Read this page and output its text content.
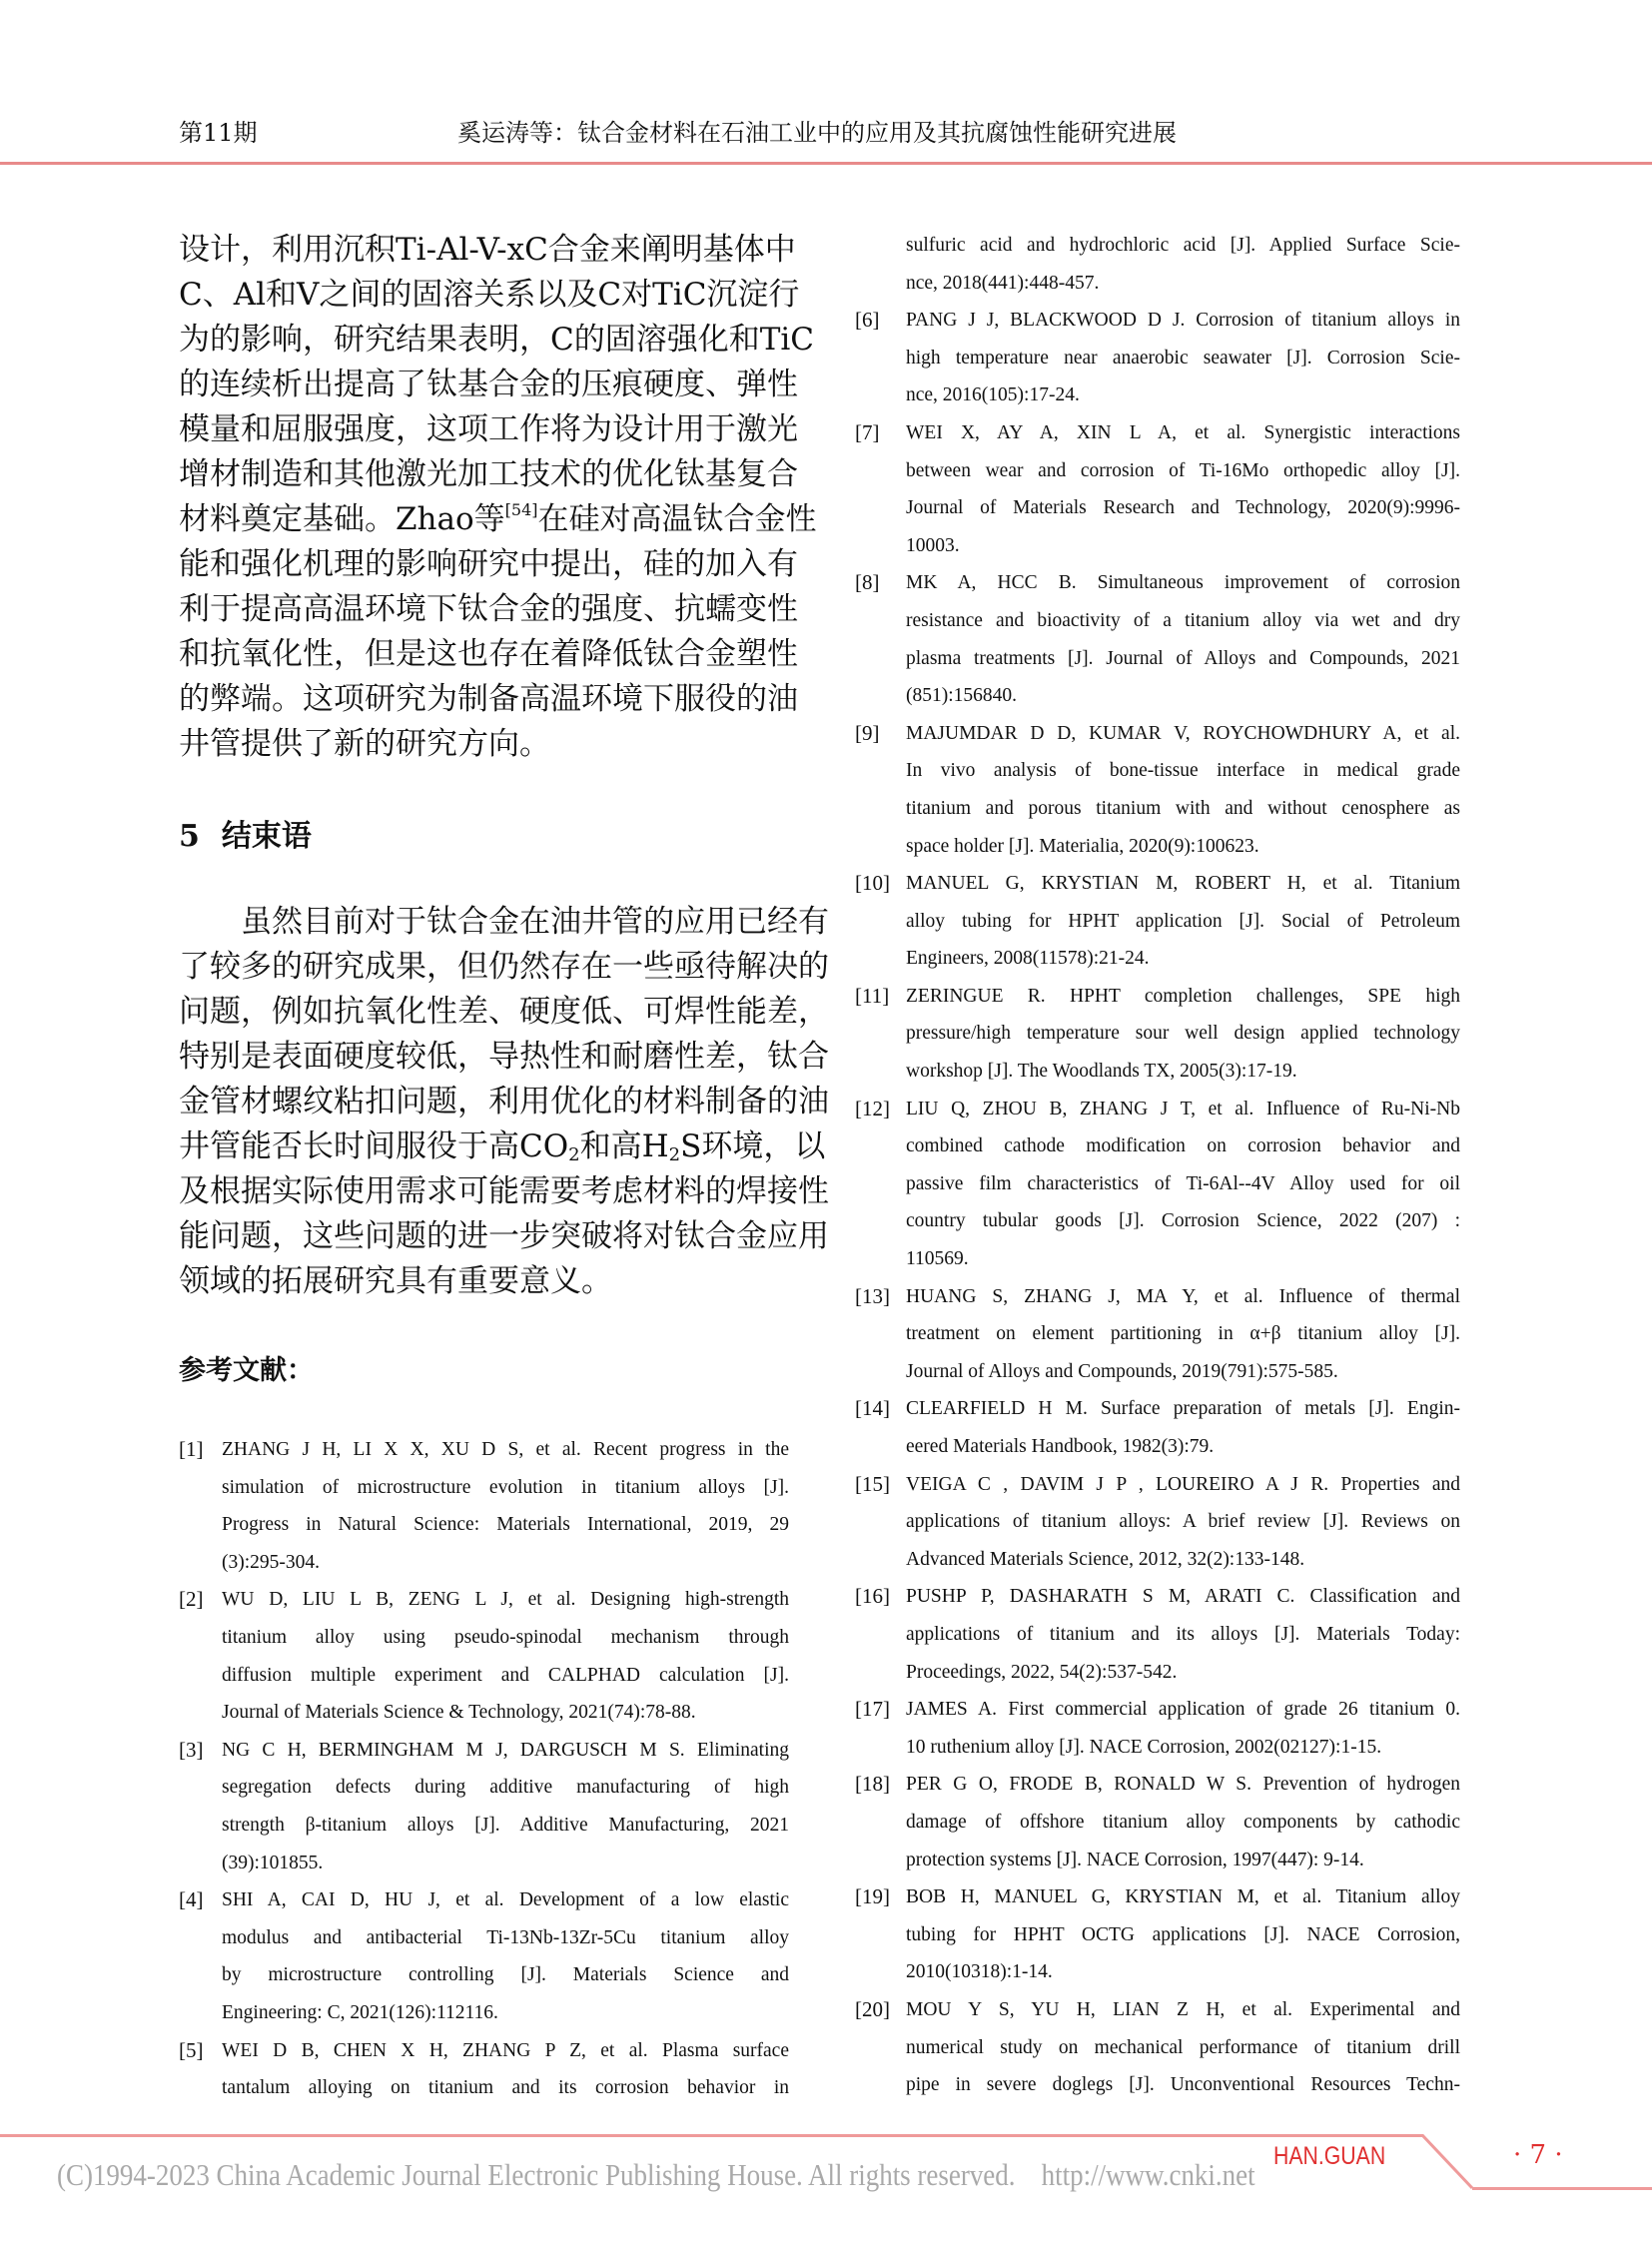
第11期	奚运涛等：钛合金材料在石油工业中的应用及其抗腐蚀性能研究进展
设计，利用沉积Ti-Al-V-xC合金来阐明基体中
C、Al和V之间的固溶关系以及C对TiC沉淀行
为的影响，研究结果表明，C的固溶强化和TiC
的连续析出提高了钛基合金的压痕硬度、弹性
模量和屈服强度，这项工作将为设计用于激光
增材制造和其他激光加工技术的优化钛基复合
材料奠定基础。Zhao等[54]在硅对高温钛合金性
能和强化机理的影响研究中提出，硅的加入有
利于提高高温环境下钛合金的强度、抗蠕变性
和抗氧化性，但是这也存在着降低钛合金塑性
的弊端。这项研究为制备高温环境下服役的油
井管提供了新的研究方向。
5 结束语
　　虽然目前对于钛合金在油井管的应用已经有
了较多的研究成果，但仍然存在一些亟待解决的
问题，例如抗氧化性差、硬度低、可焊性能差，
特别是表面硬度较低，导热性和耐磨性差，钛合
金管材螺纹粘扣问题，利用优化的材料制备的油
井管能否长时间服役于高$CO_2$和高$H_2S$环境，以
及根据实际使用需求可能需要考虑材料的焊接性
能问题，这些问题的进一步突破将对钛合金应用
领域的拓展研究具有重要意义。
参考文献：
[1] ZHANG J H, LI X X, XU D S, et al. Recent progress in the
simulation of microstructure evolution in titanium alloys [J].
Progress in Natural Science: Materials International, 2019, 29
(3):295-304.
[2] WU D, LIU L B, ZENG L J, et al. Designing high-strength
titanium alloy using pseudo-spinodal mechanism through
diffusion multiple experiment and CALPHAD calculation [J].
Journal of Materials Science & Technology, 2021(74):78-88.
[3] NG C H, BERMINGHAM M J, DARGUSCH M S. Eliminating
segregation defects during additive manufacturing of high
strength β-titanium alloys [J]. Additive Manufacturing, 2021
(39):101855.
[4] SHI A, CAI D, HU J, et al. Development of a low elastic
modulus and antibacterial Ti-13Nb-13Zr-5Cu titanium alloy
by microstructure controlling [J]. Materials Science and
Engineering: C, 2021(126):112116.
[5] WEI D B, CHEN X H, ZHANG P Z, et al. Plasma surface
tantalum alloying on titanium and its corrosion behavior in
sulfuric acid and hydrochloric acid [J]. Applied Surface Scie-
nce, 2018(441):448-457.
[6] PANG J J, BLACKWOOD D J. Corrosion of titanium alloys in
high temperature near anaerobic seawater [J]. Corrosion Scie-
nce, 2016(105):17-24.
[7] WEI X, AY A, XIN L A, et al. Synergistic interactions
between wear and corrosion of Ti-16Mo orthopedic alloy [J].
Journal of Materials Research and Technology, 2020(9):9996-
10003.
[8] MK A, HCC B. Simultaneous improvement of corrosion
resistance and bioactivity of a titanium alloy via wet and dry
plasma treatments [J]. Journal of Alloys and Compounds, 2021
(851):156840.
[9] MAJUMDAR D D, KUMAR V, ROYCHOWDHURY A, et al.
In vivo analysis of bone-tissue interface in medical grade
titanium and porous titanium with and without cenosphere as
space holder [J]. Materialia, 2020(9):100623.
[10] MANUEL G, KRYSTIAN M, ROBERT H, et al. Titanium
alloy tubing for HPHT application [J]. Social of Petroleum
Engineers, 2008(11578):21-24.
[11] ZERINGUE R. HPHT completion challenges, SPE high
pressure/high temperature sour well design applied technology
workshop [J]. The Woodlands TX, 2005(3):17-19.
[12] LIU Q, ZHOU B, ZHANG J T, et al. Influence of Ru-Ni-Nb
combined cathode modification on corrosion behavior and
passive film characteristics of Ti-6Al--4V Alloy used for oil
country tubular goods [J]. Corrosion Science, 2022 (207) :
110569.
[13] HUANG S, ZHANG J, MA Y, et al. Influence of thermal
treatment on element partitioning in α+β titanium alloy [J].
Journal of Alloys and Compounds, 2019(791):575-585.
[14] CLEARFIELD H M. Surface preparation of metals [J]. Engin-
eered Materials Handbook, 1982(3):79.
[15] VEIGA C , DAVIM J P , LOUREIRO A J R. Properties and
applications of titanium alloys: A brief review [J]. Reviews on
Advanced Materials Science, 2012, 32(2):133-148.
[16] PUSHP P, DASHARATH S M, ARATI C. Classification and
applications of titanium and its alloys [J]. Materials Today:
Proceedings, 2022, 54(2):537-542.
[17] JAMES A. First commercial application of grade 26 titanium 0.
10 ruthenium alloy [J]. NACE Corrosion, 2002(02127):1-15.
[18] PER G O, FRODE B, RONALD W S. Prevention of hydrogen
damage of offshore titanium alloy components by cathodic
protection systems [J]. NACE Corrosion, 1997(447): 9-14.
[19] BOB H, MANUEL G, KRYSTIAN M, et al. Titanium alloy
tubing for HPHT OCTG applications [J]. NACE Corrosion,
2010(10318):1-14.
[20] MOU Y S, YU H, LIAN Z H, et al. Experimental and
numerical study on mechanical performance of titanium drill
pipe in severe doglegs [J]. Unconventional Resources Techn-
(C)1994-2023 China Academic Journal Electronic Publishing House. All rights reserved. http://www.cnki.net
HAN.GUAN	· 7 ·
